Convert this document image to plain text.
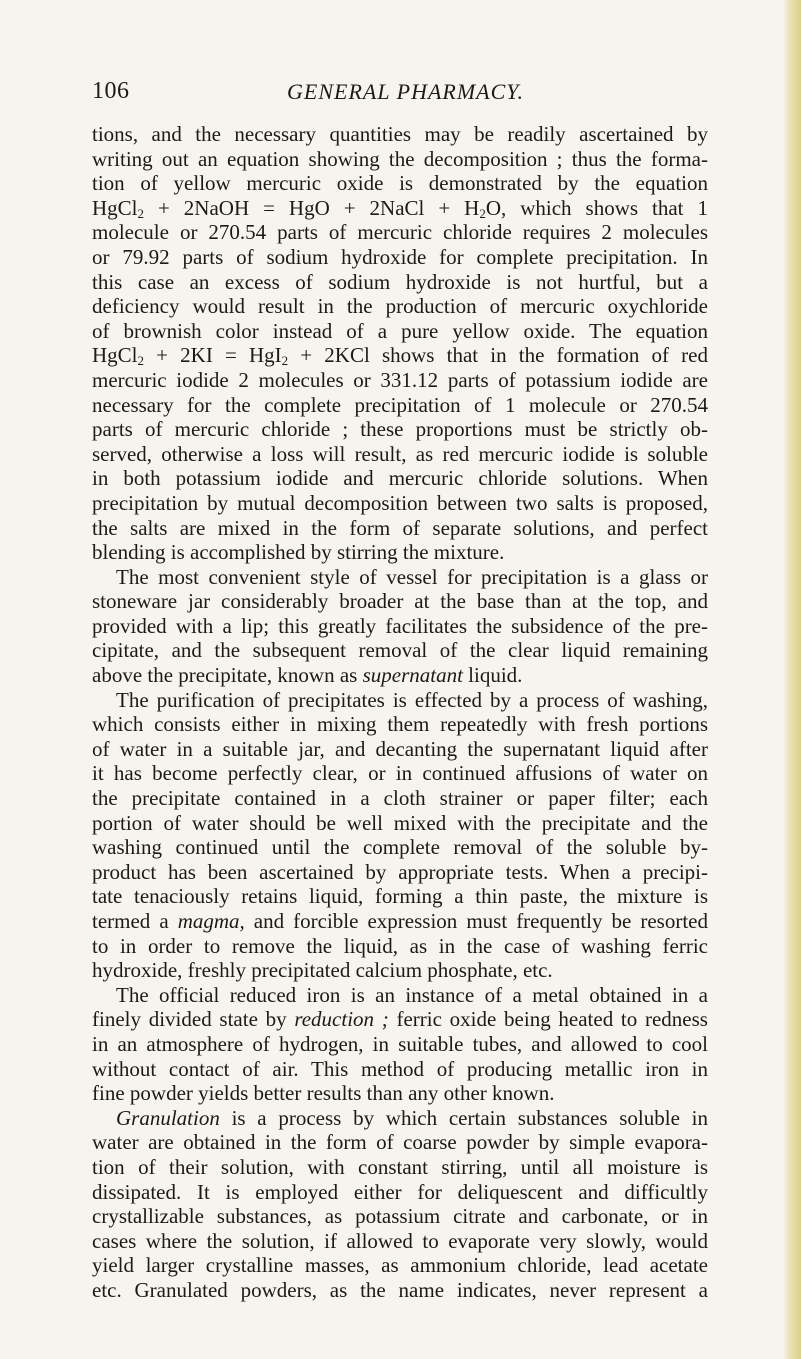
106	GENERAL PHARMACY.
tions, and the necessary quantities may be readily ascertained by
writing out an equation showing the decomposition ; thus the forma-
tion of yellow mercuric oxide is demonstrated by the equation
HgCl$_2$ + 2NaOH = HgO + 2NaCl + $H_2O$, which shows that 1
molecule or 270.54 parts of mercuric chloride requires 2 molecules
or 79.92 parts of sodium hydroxide for complete precipitation. In
this case an excess of sodium hydroxide is not hurtful, but a
deficiency would result in the production of mercuric oxychloride
of brownish color instead of a pure yellow oxide. The equation
HgCl$_2$ + 2KI = HgI$_2$ + 2KCl shows that in the formation of red
mercuric iodide 2 molecules or 331.12 parts of potassium iodide are
necessary for the complete precipitation of 1 molecule or 270.54
parts of mercuric chloride ; these proportions must be strictly ob-
served, otherwise a loss will result, as red mercuric iodide is soluble
in both potassium iodide and mercuric chloride solutions. When
precipitation by mutual decomposition between two salts is proposed,
the salts are mixed in the form of separate solutions, and perfect
blending is accomplished by stirring the mixture.
The most convenient style of vessel for precipitation is a glass or
stoneware jar considerably broader at the base than at the top, and
provided with a lip; this greatly facilitates the subsidence of the pre-
cipitate, and the subsequent removal of the clear liquid remaining
above the precipitate, known as supernatant liquid.
The purification of precipitates is effected by a process of washing,
which consists either in mixing them repeatedly with fresh portions
of water in a suitable jar, and decanting the supernatant liquid after
it has become perfectly clear, or in continued affusions of water on
the precipitate contained in a cloth strainer or paper filter; each
portion of water should be well mixed with the precipitate and the
washing continued until the complete removal of the soluble by-
product has been ascertained by appropriate tests. When a precipi-
tate tenaciously retains liquid, forming a thin paste, the mixture is
termed a magma, and forcible expression must frequently be resorted
to in order to remove the liquid, as in the case of washing ferric
hydroxide, freshly precipitated calcium phosphate, etc.
The official reduced iron is an instance of a metal obtained in a
finely divided state by reduction ; ferric oxide being heated to redness
in an atmosphere of hydrogen, in suitable tubes, and allowed to cool
without contact of air. This method of producing metallic iron in
fine powder yields better results than any other known.
Granulation is a process by which certain substances soluble in
water are obtained in the form of coarse powder by simple evapora-
tion of their solution, with constant stirring, until all moisture is
dissipated. It is employed either for deliquescent and difficultly
crystallizable substances, as potassium citrate and carbonate, or in
cases where the solution, if allowed to evaporate very slowly, would
yield larger crystalline masses, as ammonium chloride, lead acetate
etc. Granulated powders, as the name indicates, never represent a
